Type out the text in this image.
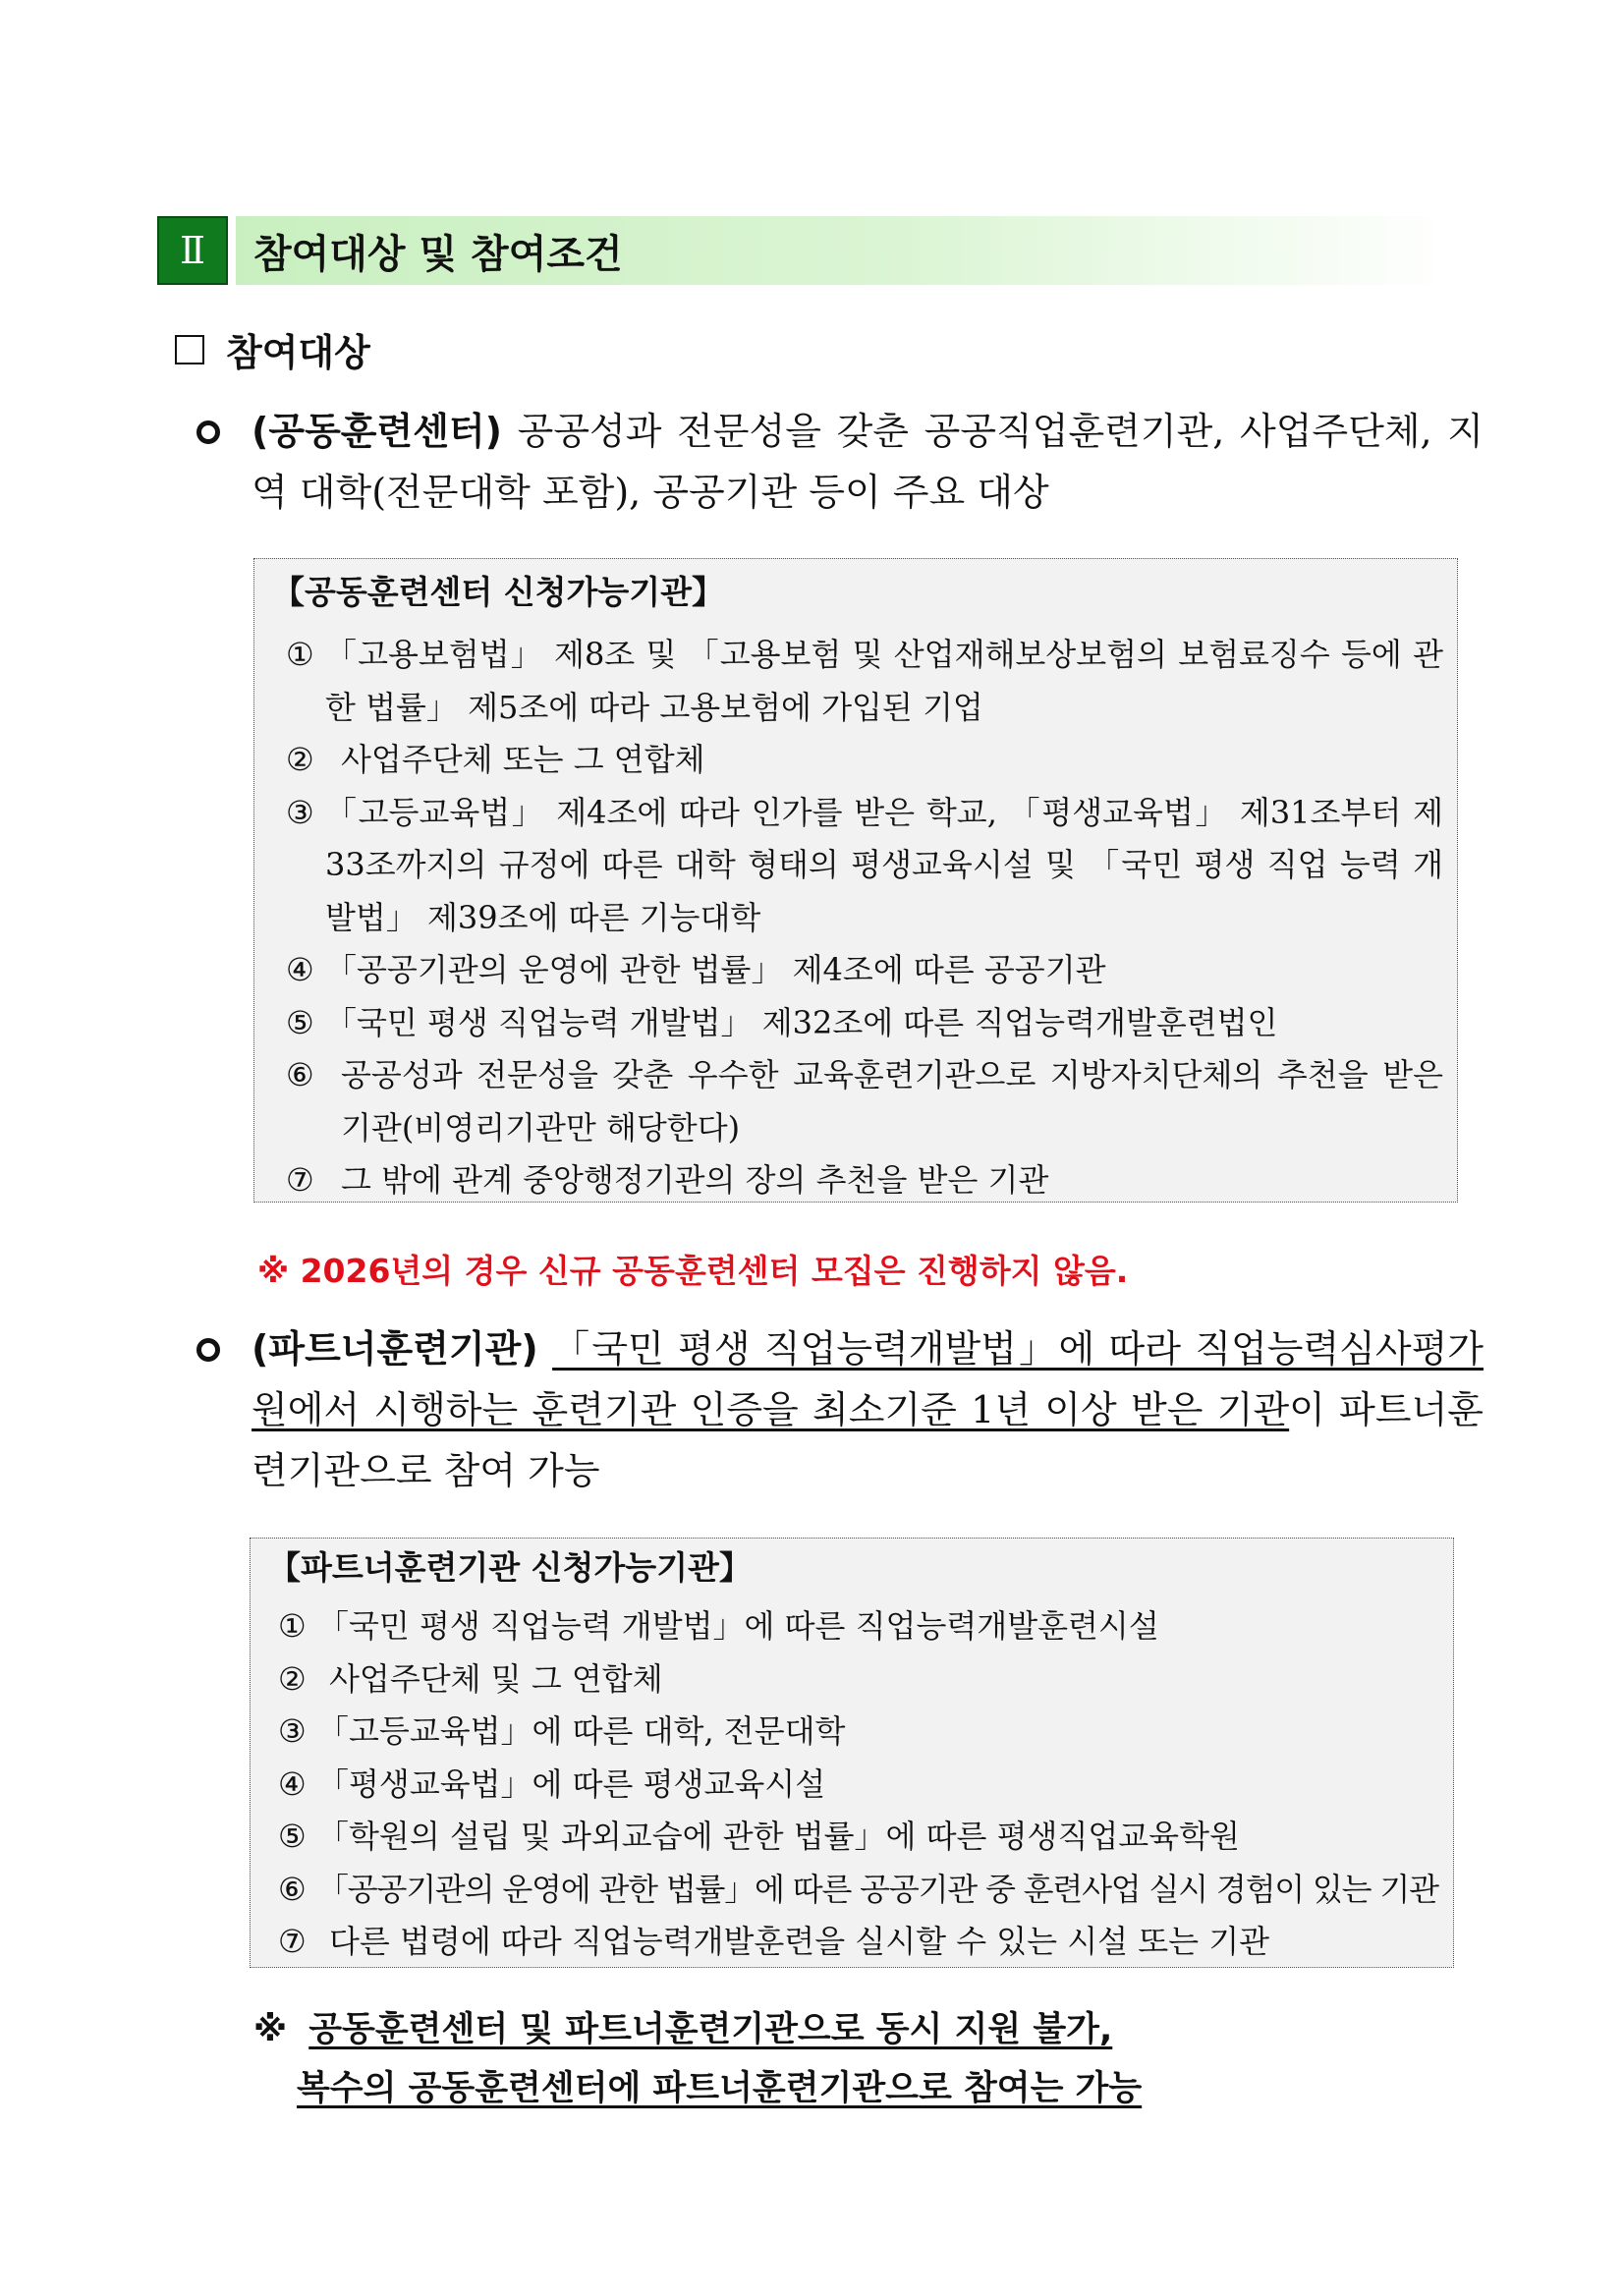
Ⅱ	참여대상 및 참여조건
참여대상
(공동훈련센터) 공공성과 전문성을 갖춘 공공직업훈련기관, 사업주단체, 지역 대학(전문대학 포함), 공공기관 등이 주요 대상
【공동훈련센터 신청가능기관】
① 「고용보험법」 제8조 및 「고용보험 및 산업재해보상보험의 보험료징수 등에 관한 법률」 제5조에 따라 고용보험에 가입된 기업
② 사업주단체 또는 그 연합체
③ 「고등교육법」 제4조에 따라 인가를 받은 학교, 「평생교육법」 제31조부터 제33조까지의 규정에 따른 대학 형태의 평생교육시설 및 「국민 평생 직업 능력 개발법」 제39조에 따른 기능대학
④ 「공공기관의 운영에 관한 법률」 제4조에 따른 공공기관
⑤ 「국민 평생 직업능력 개발법」 제32조에 따른 직업능력개발훈련법인
⑥ 공공성과 전문성을 갖춘 우수한 교육훈련기관으로 지방자치단체의 추천을 받은 기관(비영리기관만 해당한다)
⑦ 그 밖에 관계 중앙행정기관의 장의 추천을 받은 기관
※ 2026년의 경우 신규 공동훈련센터 모집은 진행하지 않음.
(파트너훈련기관) 「국민 평생 직업능력개발법」에 따라 직업능력심사평가원에서 시행하는 훈련기관 인증을 최소기준 1년 이상 받은 기관이 파트너훈련기관으로 참여 가능
【파트너훈련기관 신청가능기관】
① 「국민 평생 직업능력 개발법」에 따른 직업능력개발훈련시설
② 사업주단체 및 그 연합체
③ 「고등교육법」에 따른 대학, 전문대학
④ 「평생교육법」에 따른 평생교육시설
⑤ 「학원의 설립 및 과외교습에 관한 법률」에 따른 평생직업교육학원
⑥ 「공공기관의 운영에 관한 법률」에 따른 공공기관 중 훈련사업 실시 경험이 있는 기관
⑦ 다른 법령에 따라 직업능력개발훈련을 실시할 수 있는 시설 또는 기관
※ 공동훈련센터 및 파트너훈련기관으로 동시 지원 불가,
복수의 공동훈련센터에 파트너훈련기관으로 참여는 가능
